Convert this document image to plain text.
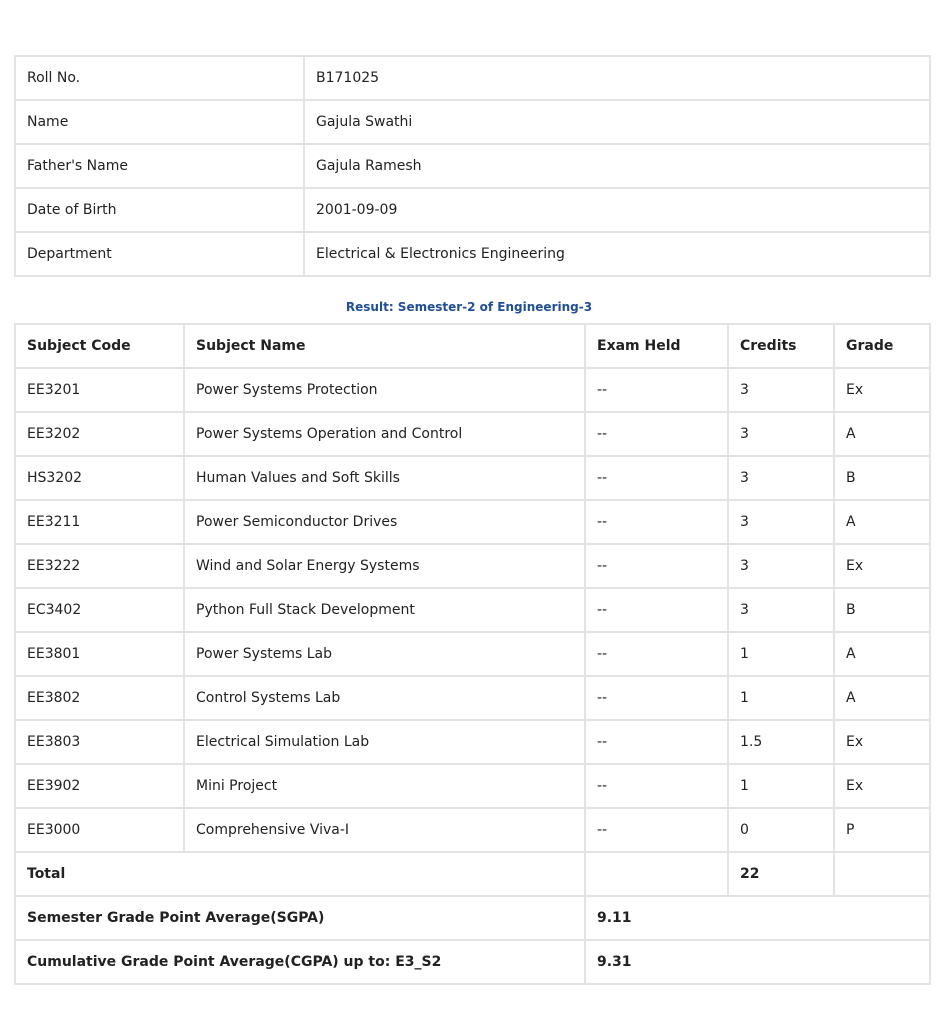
Roll No.	B171025
Name	Gajula Swathi
Father's Name	Gajula Ramesh
Date of Birth	2001-09-09
Department	Electrical & Electronics Engineering
Result: Semester-2 of Engineering-3
Subject Code	Subject Name	Exam Held	Credits	Grade
EE3201	Power Systems Protection	--	3	Ex
EE3202	Power Systems Operation and Control	--	3	A
HS3202	Human Values and Soft Skills	--	3	B
EE3211	Power Semiconductor Drives	--	3	A
EE3222	Wind and Solar Energy Systems	--	3	Ex
EC3402	Python Full Stack Development	--	3	B
EE3801	Power Systems Lab	--	1	A
EE3802	Control Systems Lab	--	1	A
EE3803	Electrical Simulation Lab	--	1.5	Ex
EE3902	Mini Project	--	1	Ex
EE3000	Comprehensive Viva-I	--	0	P
Total			22	
Semester Grade Point Average(SGPA)		9.11		
Cumulative Grade Point Average(CGPA) up to: E3_S2		9.31		
